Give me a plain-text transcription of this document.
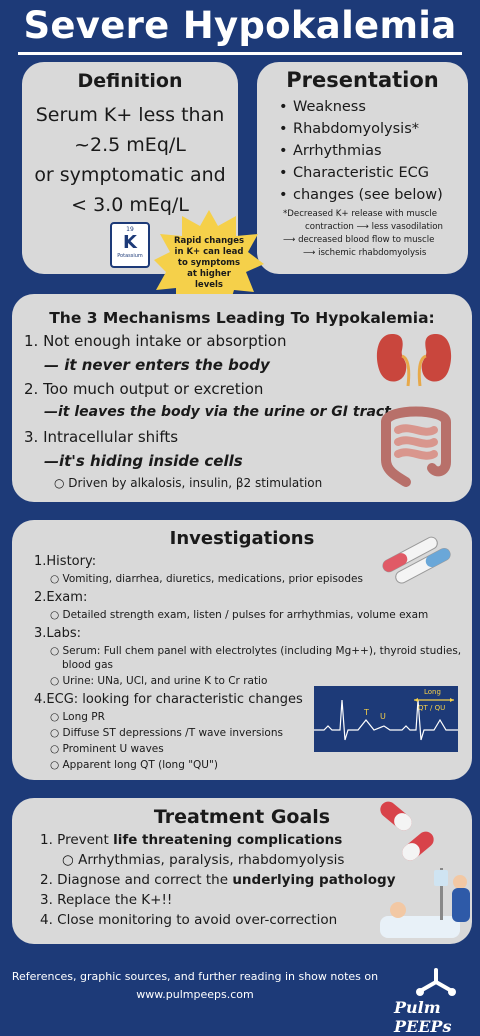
Severe Hypokalemia
Definition
Serum K+ less than
~2.5 mEq/L
or symptomatic and
< 3.0 mEq/L
19
K
Potassium
Presentation
• Weakness
• Rhabdomyolysis*
• Arrhythmias
• Characteristic ECG
• changes (see below)
*Decreased K+ release with muscle
contraction ⟶ less vasodilation
⟶ decreased blood flow to muscle
⟶ ischemic rhabdomyolysis
Rapid changes in K+ can lead to symptoms at higher levels
The 3 Mechanisms Leading To Hypokalemia:
1. Not enough intake or absorption
— it never enters the body
2. Too much output or excretion
—it leaves the body via the urine or GI tract
3. Intracellular shifts
—it's hiding inside cells
○ Driven by alkalosis, insulin, β2 stimulation
Investigations
1.History:
○ Vomiting, diarrhea, diuretics, medications, prior episodes
2.Exam:
○ Detailed strength exam, listen / pulses for arrhythmias, volume exam
3.Labs:
○ Serum: Full chem panel with electrolytes (including Mg++), thyroid studies,
blood gas
○ Urine: UNa, UCl, and urine K to Cr ratio
4.ECG: looking for characteristic changes
○ Long PR
○ Diffuse ST depressions /T wave inversions
○ Prominent U waves
○ Apparent long QT (long "QU")
T U
Long
QT / QU
Treatment Goals
1. Prevent life threatening complications
○ Arrhythmias, paralysis, rhabdomyolysis
2. Diagnose and correct the underlying pathology
3. Replace the K+!!
4. Close monitoring to avoid over-correction
References, graphic sources, and further reading in show notes on
www.pulmpeeps.com
Pulm PEEPs
